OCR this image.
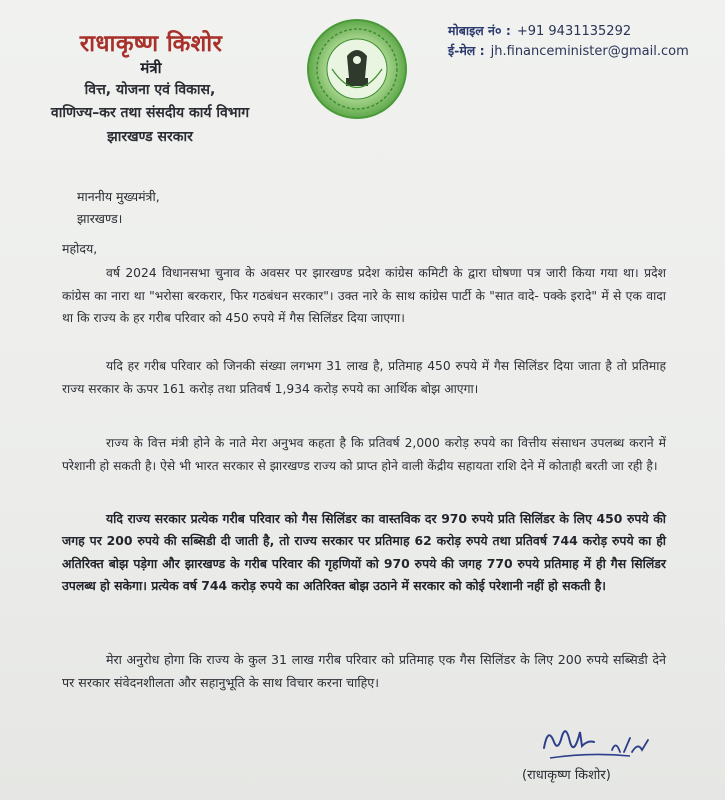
राधाकृष्ण किशोर
मंत्री
वित्त, योजना एवं विकास,
वाणिज्य–कर तथा संसदीय कार्य विभाग
झारखण्ड सरकार
मोबाइल नं० : +91 9431135292
ई-मेल : jh.financeminister@gmail.com
माननीय मुख्यमंत्री,
झारखण्ड।
महोदय,
वर्ष 2024 विधानसभा चुनाव के अवसर पर झारखण्ड प्रदेश कांग्रेस कमिटी के द्वारा घोषणा पत्र जारी किया गया था। प्रदेश कांग्रेस का नारा था "भरोसा बरकरार, फिर गठबंधन सरकार"। उक्त नारे के साथ कांग्रेस पार्टी के "सात वादे- पक्के इरादे" में से एक वादा था कि राज्य के हर गरीब परिवार को 450 रुपये में गैस सिलिंडर दिया जाएगा।
यदि हर गरीब परिवार को जिनकी संख्या लगभग 31 लाख है, प्रतिमाह 450 रुपये में गैस सिलिंडर दिया जाता है तो प्रतिमाह राज्य सरकार के ऊपर 161 करोड़ तथा प्रतिवर्ष 1,934 करोड़ रुपये का आर्थिक बोझ आएगा।
राज्य के वित्त मंत्री होने के नाते मेरा अनुभव कहता है कि प्रतिवर्ष 2,000 करोड़ रुपये का वित्तीय संसाधन उपलब्ध कराने में परेशानी हो सकती है। ऐसे भी भारत सरकार से झारखण्ड राज्य को प्राप्त होने वाली केंद्रीय सहायता राशि देने में कोताही बरती जा रही है।
यदि राज्य सरकार प्रत्येक गरीब परिवार को गैस सिलिंडर का वास्तविक दर 970 रुपये प्रति सिलिंडर के लिए 450 रुपये की जगह पर 200 रुपये की सब्सिडी दी जाती है, तो राज्य सरकार पर प्रतिमाह 62 करोड़ रुपये तथा प्रतिवर्ष 744 करोड़ रुपये का ही अतिरिक्त बोझ पड़ेगा और झारखण्ड के गरीब परिवार की गृहणियों को 970 रुपये की जगह 770 रुपये प्रतिमाह में ही गैस सिलिंडर उपलब्ध हो सकेगा। प्रत्येक वर्ष 744 करोड़ रुपये का अतिरिक्त बोझ उठाने में सरकार को कोई परेशानी नहीं हो सकती है।
मेरा अनुरोध होगा कि राज्य के कुल 31 लाख गरीब परिवार को प्रतिमाह एक गैस सिलिंडर के लिए 200 रुपये सब्सिडी देने पर सरकार संवेदनशीलता और सहानुभूति के साथ विचार करना चाहिए।
(राधाकृष्ण किशोर)
